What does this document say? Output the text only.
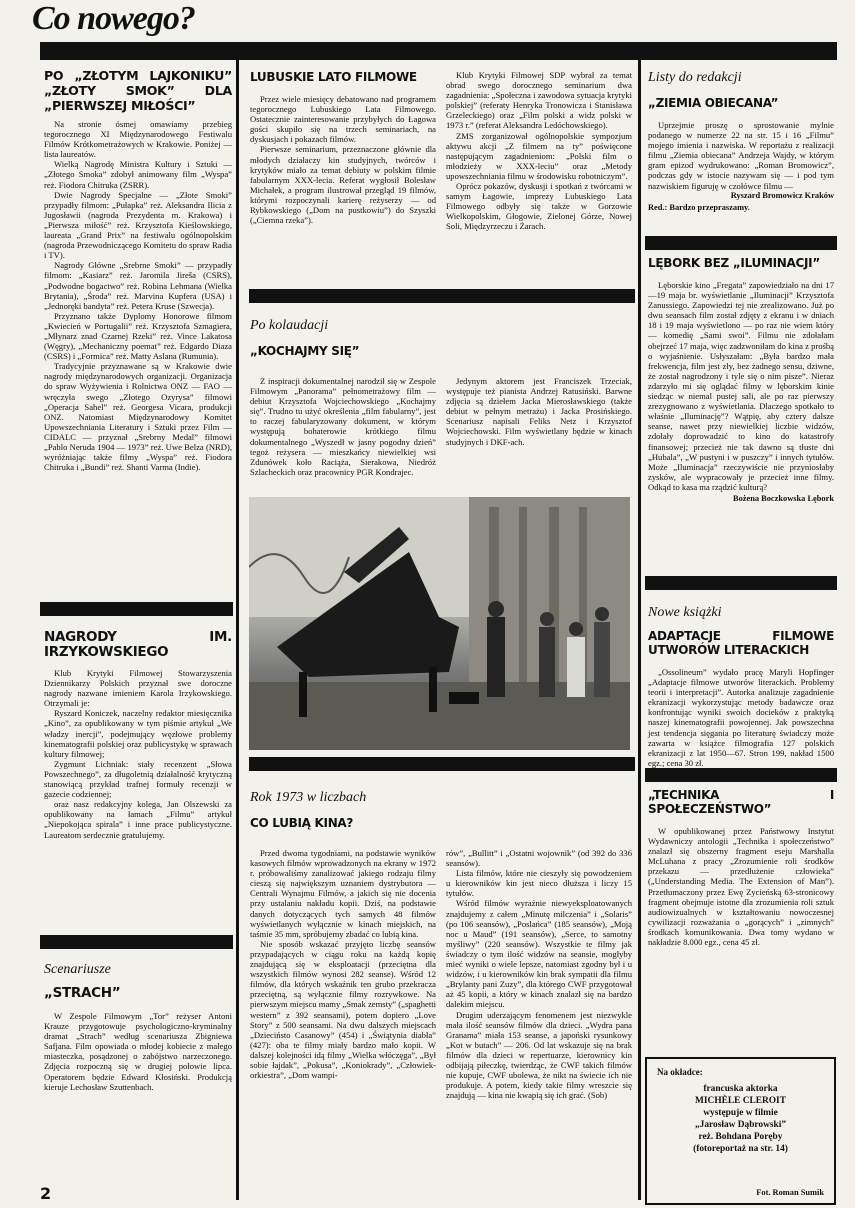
Co nowego?
PO „ZŁOTYM LAJKONIKU” „ZŁOTY SMOK” DLA „PIERWSZEJ MIŁOŚCI”

Na stronie ósmej omawiamy przebieg tegorocznego XI Międzynarodowego Festiwalu Filmów Krótkometrażowych w Krakowie. Poniżej — lista laureatów.

Wielką Nagrodę Ministra Kultury i Sztuki — „Złotego Smoka” zdobył animowany film „Wyspa” reż. Fiodora Chitruka (ZSRR).

Dwie Nagrody Specjalne — „Złote Smoki” przypadły filmom: „Pułapka” reż. Aleksandra Ilicia z Jugosławii (nagroda Prezydenta m. Krakowa) i „Pierwsza miłość” reż. Krzysztofa Kieślowskiego, laureata „Grand Prix” na festiwalu ogólnopolskim (nagroda Przewodniczącego Komitetu do spraw Radia i TV).

Nagrody Główne „Srebrne Smoki” — przypadły filmom: „Kasiarz” reż. Jaromila Jireša (CSRS), „Podwodne bogactwo” reż. Robina Lehmana (Wielka Brytania), „Środa” reż. Marvina Kupfera (USA) i „Jednoręki bandyta” reż. Petera Kruse (Szwecja).

Przyznano także Dyplomy Honorowe filmom „Kwiecień w Portugalii” reż. Krzysztofa Szmagiera, „Młynarz znad Czarnej Rzeki” reż. Vince Lakatosa (Węgry), „Mechaniczny poemat” reż. Edgardo Diaza (CSRS) i „Formica” reż. Matty Aslana (Rumunia).

Tradycyjnie przyznawane są w Krakowie dwie nagrody międzynarodowych organizacji. Organizacja do spraw Wyżywienia i Rolnictwa ONZ — FAO — wręczyła swego „Złotego Ozyrysa” filmowi „Operacja Sahel” reż. Georgesa Vicara, produkcji ONZ. Natomiast Międzynarodowy Komitet Upowszechniania Literatury i Sztuki przez Film — CIDALC — przyznał „Srebrny Medal” filmowi „Pablo Neruda 1904 — 1973” reż. Uwe Belza (NRD), wyróżniając także filmy „Wyspa” reż. Fiodora Chitruka i „Bundi” reż. Shanti Varma (Indie).

NAGRODY IM. IRZYKOWSKIEGO

Klub Krytyki Filmowej Stowarzyszenia Dziennikarzy Polskich przyznał swe doroczne nagrody nazwane imieniem Karola Irzykowskiego. Otrzymali je:

Ryszard Koniczek, naczelny redaktor miesięcznika „Kino”, za opublikowany w tym piśmie artykuł „We władzy inercji”, podejmujący węzłowe problemy kinematografii polskiej oraz publicystykę w sprawach kultury filmowej;

Zygmunt Lichniak: stały recenzent „Słowa Powszechnego”, za długoletnią działalność krytyczną stanowiącą przykład trafnej formuły recenzji w gazecie codziennej;

oraz nasz redakcyjny kolega, Jan Olszewski za opublikowany na łamach „Filmu” artykuł „Niepokojąca spirala” i inne prace publicystyczne. Laureatom serdecznie gratulujemy.

Scenariusze
„STRACH”

W Zespole Filmowym „Tor” reżyser Antoni Krauze przygotowuje psychologiczno-kryminalny dramat „Strach” według scenariusza Zbigniewa Safjana. Film opowiada o młodej kobiecie z małego miasteczka, posądzonej o zabójstwo narzeczonego. Zdjęcia rozpoczną się w drugiej połowie lipca. Operatorem będzie Edward Kłosiński. Produkcją kieruje Lechosław Szuttenbach.

LUBUSKIE LATO FILMOWE

Przez wiele miesięcy debatowano nad programem tegorocznego Lubuskiego Lata Filmowego. Ostatecznie zainteresowanie przybyłych do Łagowa gości skupiło się na trzech seminariach, na dyskusjach i pokazach filmów.

Pierwsze seminarium, przeznaczone głównie dla młodych działaczy kin studyjnych, twórców i krytyków miało za temat debiuty w polskim filmie fabularnym XXX-lecia. Referat wygłosił Bolesław Michałek, a program ilustrował przegląd 19 filmów, którymi rozpoczynali karierę reżyserzy — od Rybkowskiego („Dom na pustkowiu”) do Szyszki („Ciemna rzeka”).

Klub Krytyki Filmowej SDP wybrał za temat obrad swego dorocznego seminarium dwa zagadnienia: „Społeczna i zawodowa sytuacja krytyki polskiej” (referaty Henryka Tronowicza i Stanisława Grzeleckiego) oraz „Film polski a widz polski w 1973 r.” (referat Aleksandra Ledóchowskiego).

ZMS zorganizował ogólnopolskie sympozjum aktywu akcji „Z filmem na ty” poświęcone następującym zagadnieniom: „Polski film o młodzieży w XXX-leciu” oraz „Metody upowszechniania filmu w środowisku robotniczym”.

Oprócz pokazów, dyskusji i spotkań z twórcami w samym Łagowie, imprezy Lubuskiego Lata Filmowego odbyły się także w Gorzowie Wielkopolskim, Głogowie, Zielonej Górze, Nowej Soli, Międzyrzeczu i Żarach.

Po kolaudacji
„KOCHAJMY SIĘ”

Z inspiracji dokumentalnej narodził się w Zespole Filmowym „Panorama” pełnometrażowy film — debiut Krzysztofa Wojciechowskiego „Kochajmy się”. Trudno tu użyć określenia „film fabularny”, jest to raczej fabularyzowany dokument, w którym występują bohaterowie krótkiego filmu dokumentalnego „Wyszedł w jasny pogodny dzień” tegoż reżysera — mieszkańcy niewielkiej wsi Zdunówek koło Raciąża, Sierakowa, Niedróż Szlacheckich oraz pracownicy PGR Kondrajec.

Jedynym aktorem jest Franciszek Trzeciak, występuje też pianista Andrzej Ratusiński. Barwne zdjęcia są dziełem Jacka Mierosławskiego (także debiut w pełnym metrażu) i Jacka Prosińskiego. Scenariusz napisali Feliks Netz i Krzysztof Wojciechowski. Film wyświetlany będzie w kinach studyjnych i DKF-ach.

Rok 1973 w liczbach
CO LUBIĄ KINA?

Przed dwoma tygodniami, na podstawie wyników kasowych filmów wprowadzonych na ekrany w 1972 r. próbowaliśmy zanalizować jakiego rodzaju filmy cieszą się największym uznaniem dystrybutora — Centrali Wynajmu Filmów, a jakich się nie docenia przy ustalaniu nakładu kopii. Dziś, na podstawie danych dotyczących tych samych 48 filmów wyświetlanych wyłącznie w kinach miejskich, na taśmie 35 mm, spróbujemy zbadać co lubią kina.

Nie sposób wskazać przyjęto liczbę seansów przypadających w ciągu roku na każdą kopię znajdującą się w eksploatacji (przeciętna dla wszystkich filmów wynosi 282 seanse). Wśród 12 filmów, dla których wskaźnik ten grubo przekracza przeciętną, są wyłącznie filmy rozrywkowe. Na pierwszym miejscu mamy „Smak zemsty” („spaghetti western” z 392 seansami), potem dopiero „Love Story” z 500 seansami. Na dwu dalszych miejscach „Dzieciństo Casanowy” (454) i „Świątynia diabła” (427): oba te filmy miały bardzo mało kopii. W dalszej kolejności idą filmy „Wielka włóczęga”, „Był sobie łajdak”, „Pokusa”, „Koniokrady”, „Człowiek-orkiestra”, „Dom wampi-

rów”, „Bullitt” i „Ostatni wojownik” (od 392 do 336 seansów).

Lista filmów, które nie cieszyły się powodzeniem u kierowników kin jest nieco dłuższa i liczy 15 tytułów.

Wśród filmów wyraźnie niewyeksploatowanych znajdujemy z całem „Minutę milczenia” i „Solaris” (po 106 seansów), „Poslańca” (185 seansów), „Moją noc u Maud” (191 seansów), „Serce, to samotny myśliwy” (220 seansów). Wszystkie te filmy jak świadczy o tym ilość widzów na seansie, mogłyby mieć wyniki o wiele lepsze, natomiast zgodny był i u widzów, i u kierowników kin brak sympatii dla filmu „Brylanty pani Zuzy”, dla którego CWF przygotował aż 45 kopii, a który w kinach znalazł się na bardzo dalekim miejscu.

Drugim uderzającym fenomenem jest niezwykle mała ilość seansów filmów dla dzieci. „Wydra pana Granama” miała 153 seanse, a japoński rysunkowy „Kot w butach” — 206. Od lat wskazuje się na brak filmów dla dzieci w repertuarze, kierownicy kin odbijają piłeczkę, twierdząc, że CWF takich filmów nie kupuje, CWF ubolewa, że nikt na świecie ich nie produkuje. A potem, kiedy takie filmy wreszcie się znajdują — kina nie kwapią się ich grać. (Sob)

Listy do redakcji
„ZIEMIA OBIECANA”

Uprzejmie proszę o sprostowanie mylnie podanego w numerze 22 na str. 15 i 16 „Filmu” mojego imienia i nazwiska. W reportażu z realizacji filmu „Ziemia obiecana” Andrzeja Wajdy, w którym gram epizod wydrukowano: „Roman Bromowicz”, podczas gdy w istocie nazywam się — i pod tym nazwiskiem figuruję w czołówce filmu —

Ryszard Bromowicz Kraków
Red.: Bardzo przepraszamy.
LĘBORK BEZ „ILUMINACJI”

Lęborskie kino „Fregata” zapowiedziało na dni 17—19 maja br. wyświetlanie „Iluminacji” Krzysztofa Zanussiego. Zapowiedzi tej nie zrealizowano. Już po dwu seansach film został zdjęty z ekranu i w dniach 18 i 19 maja wyświetlono — po raz nie wiem który — komedię „Sami swoi”. Filmu nie zdołałam obejrzeć 17 maja, więc zadzwoniłam do kina z prośbą o wyjaśnienie. Usłyszałam: „Była bardzo mała frekwencja, film jest zły, bez żadnego sensu, dziwne, że został nagrodzony i tyle się o nim pisze”. Nieraz zdarzyło mi się oglądać filmy w lęborskim kinie siedząc w niemal pustej sali, ale po raz pierwszy zrezygnowano z wyświetlania. Dlaczego spotkało to właśnie „Iluminację”? Wątpię, aby cztery dalsze seanse, nawet przy niewielkiej liczbie widzów, zdołały doprowadzić to kino do katastrofy finansowej; przecież nie tak dawno są tłuste dni „Hubala”, „W pustyni i w puszczy” i innych tytułów. Może „Iluminacja” rzeczywiście nie przyniosłaby zysków, ale wypracowały je przecież inne filmy. Odkąd to kasa ma rządzić kulturą?

Bożena Boczkowska Lębork
Nowe książki
ADAPTACJE FILMOWE UTWORÓW LITERACKICH

„Ossolineum” wydało pracę Maryli Hopfinger „Adaptacje filmowe utworów literackich. Problemy teorii i interpretacji”. Autorka analizuje zagadnienie ekranizacji wykorzystując metody badawcze oraz konfrontując wyniki swoich docieków z praktyką naszej kinematografii powojennej. Jak powszechna jest tendencja sięgania po literaturę świadczy może zawarta w książce filmografia 127 polskich ekranizacji z lat 1950—67. Stron 199, nakład 1500 egz.; cena 30 zł.

„TECHNIKA I SPOŁECZEŃSTWO”

W opublikowanej przez Państwowy Instytut Wydawniczy antologii „Technika i społeczeństwo” znalazł się obszerny fragment eseju Marshalla McLuhana z pracy „Zrozumienie roli środków przekazu — przedłużenie człowieka” („Understanding Media. The Extension of Man”). Przetłumaczony przez Ewę Zycieńską 63-stronicowy fragment obejmuje istotne dla zrozumienia roli sztuk audiowizualnych w kształtowaniu nowoczesnej cywilizacji rozważania o „gorących” i „zimnych” środkach komunikowania. Dwa tomy wydano w nakładzie 8.000 egz., cena 45 zł.

Na okładce:
francuska aktorka
MICHÈLE CLEROIT
występuje w filmie
„Jarosław Dąbrowski”
reż. Bohdana Poręby
(fotoreportaż na str. 14)
Fot. Roman Sumik
2
